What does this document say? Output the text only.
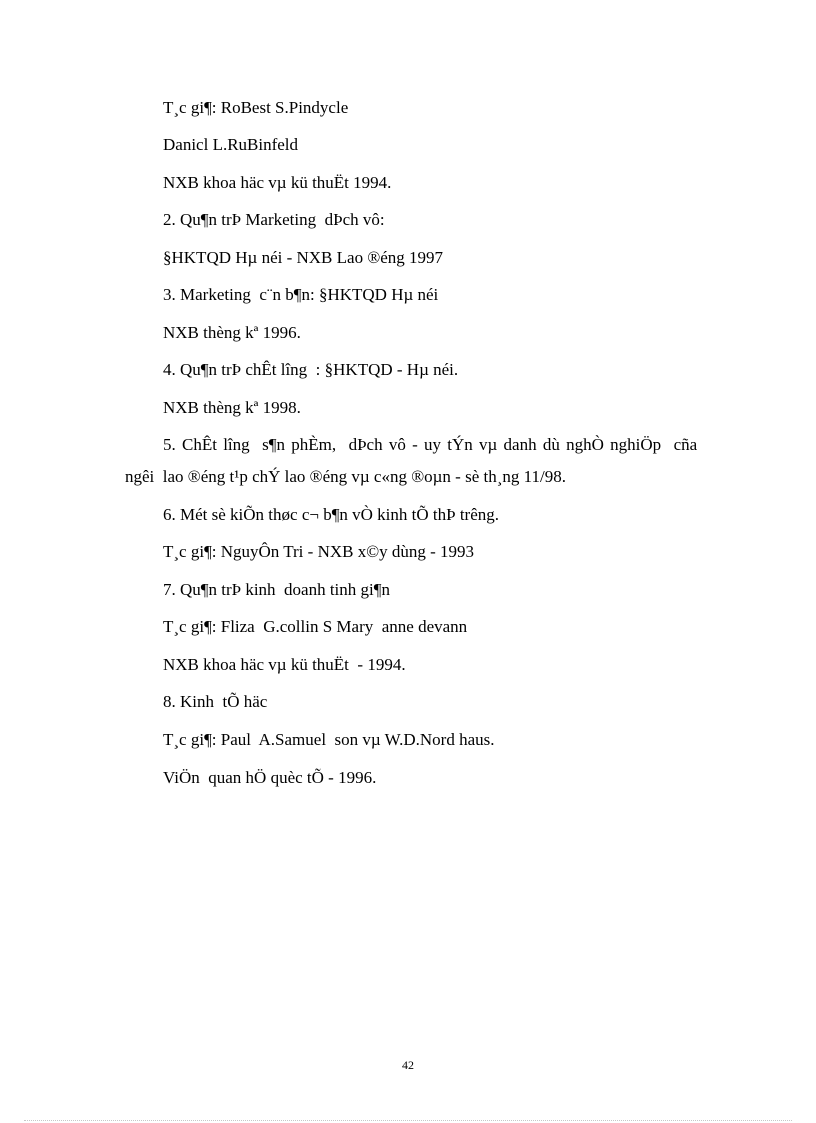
T¸c gi¶: RoBest S.Pindycle
Danicl L.RuBinfeld
NXB khoa häc vµ kü thuËt 1994.
2. Qu¶n trÞ Marketing  dÞch vô:
§HKTQD Hµ néi - NXB Lao ®éng 1997
3. Marketing  c¨n b¶n: §HKTQD Hµ néi
NXB thèng kª 1996.
4. Qu¶n trÞ chÊt lîng  : §HKTQD - Hµ néi.
NXB thèng kª 1998.
5. ChÊt lîng  s¶n phÈm,  dÞch vô - uy tÝn vµ danh dù nghÒ nghiÖp  cña
ngêi  lao ®éng t¹p chÝ lao ®éng vµ c«ng ®oµn - sè th¸ng 11/98.
6. Mét sè kiÕn thøc c¬ b¶n vÒ kinh tÕ thÞ trêng.
T¸c gi¶: NguyÔn Tri - NXB x©y dùng - 1993
7. Qu¶n trÞ kinh  doanh tinh gi¶n
T¸c gi¶: Fliza  G.collin S Mary  anne devann
NXB khoa häc vµ kü thuËt  - 1994.
8. Kinh  tÕ häc
T¸c gi¶: Paul  A.Samuel  son vµ W.D.Nord haus.
ViÖn  quan hÖ quèc tÕ - 1996.
42
